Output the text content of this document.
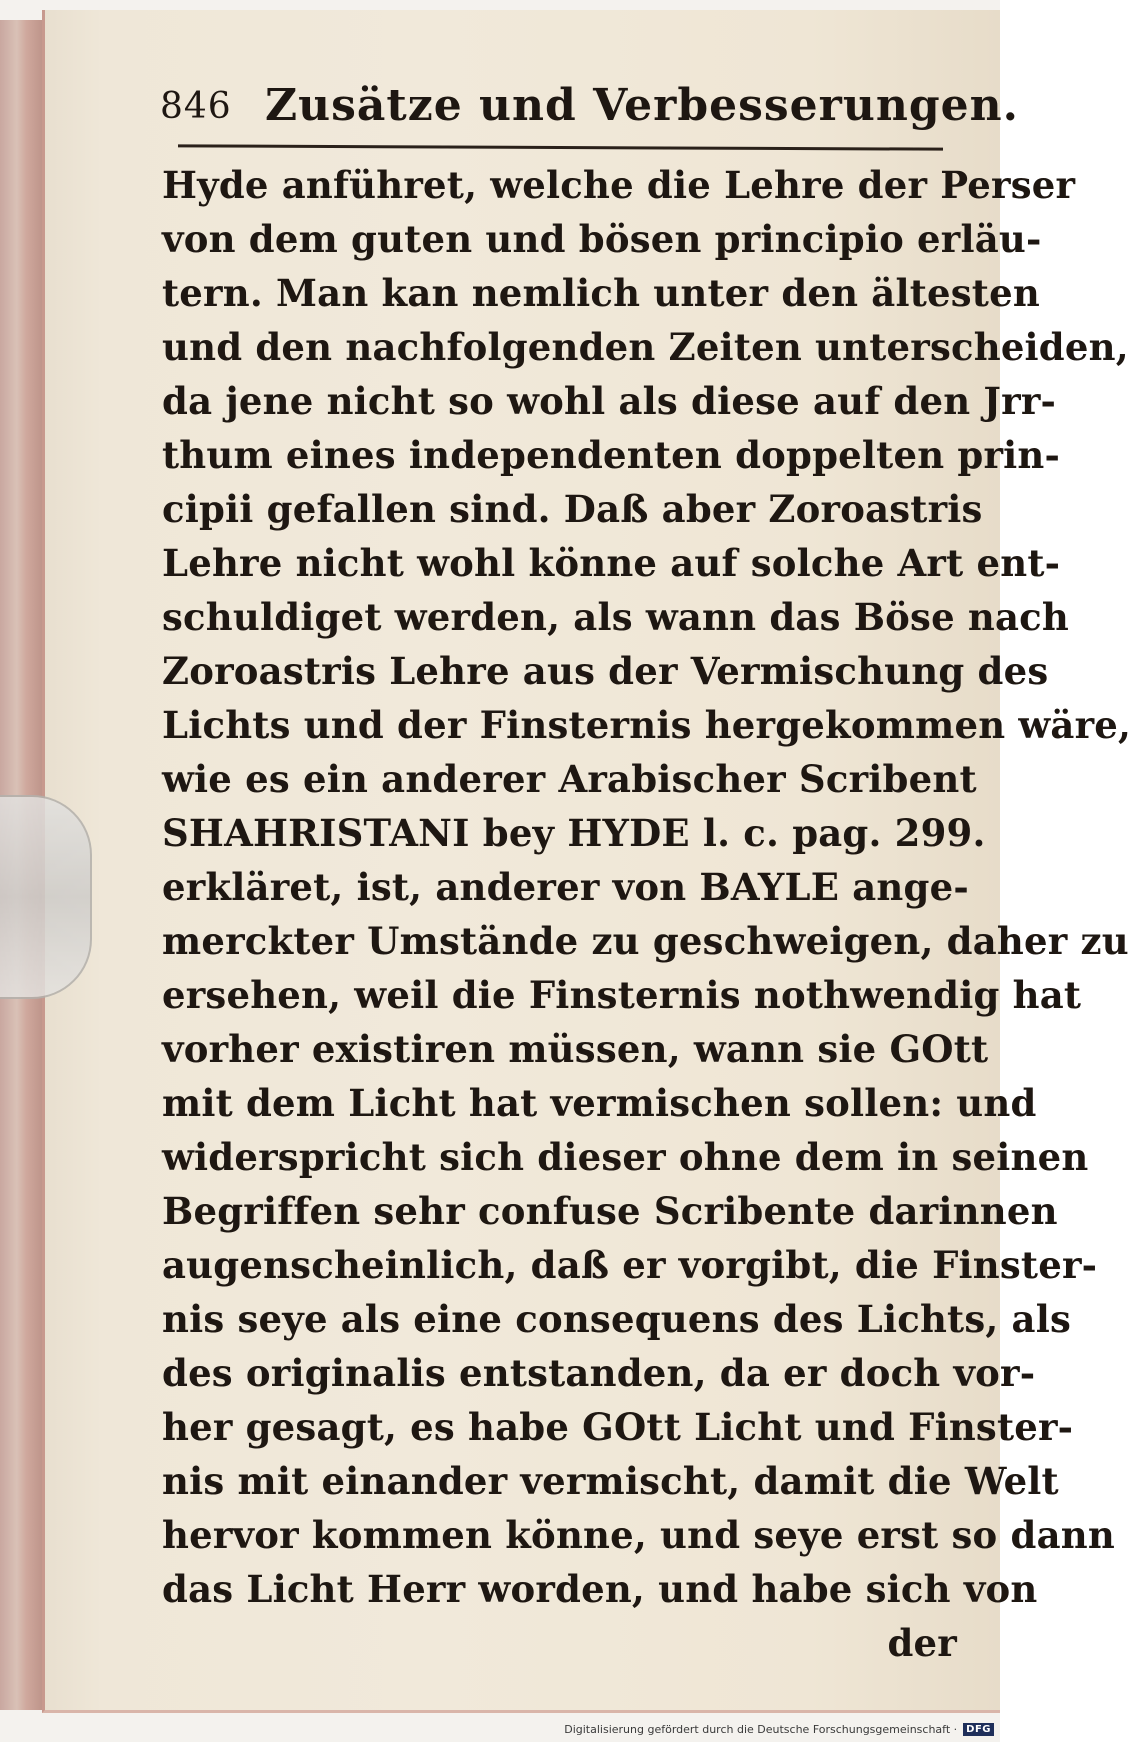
846 Zusätze und Verbesserungen.
Hyde anführet, welche die Lehre der Perser
von dem guten und bösen principio erläu-
tern. Man kan nemlich unter den ältesten
und den nachfolgenden Zeiten unterscheiden,
da jene nicht so wohl als diese auf den Jrr-
thum eines independenten doppelten prin-
cipii gefallen sind. Daß aber Zoroastris
Lehre nicht wohl könne auf solche Art ent-
schuldiget werden, als wann das Böse nach
Zoroastris Lehre aus der Vermischung des
Lichts und der Finsternis hergekommen wäre,
wie es ein anderer Arabischer Scribent
SHAHRISTANI bey HYDE l. c. pag. 299.
erkläret, ist, anderer von BAYLE ange-
merckter Umstände zu geschweigen, daher zu
ersehen, weil die Finsternis nothwendig hat
vorher existiren müssen, wann sie GOtt
mit dem Licht hat vermischen sollen: und
widerspricht sich dieser ohne dem in seinen
Begriffen sehr confuse Scribente darinnen
augenscheinlich, daß er vorgibt, die Finster-
nis seye als eine consequens des Lichts, als
des originalis entstanden, da er doch vor-
her gesagt, es habe GOtt Licht und Finster-
nis mit einander vermischt, damit die Welt
hervor kommen könne, und seye erst so dann
das Licht Herr worden, und habe sich von
der
Digitalisierung gefördert durch die Deutsche Forschungsgemeinschaft · DFG
